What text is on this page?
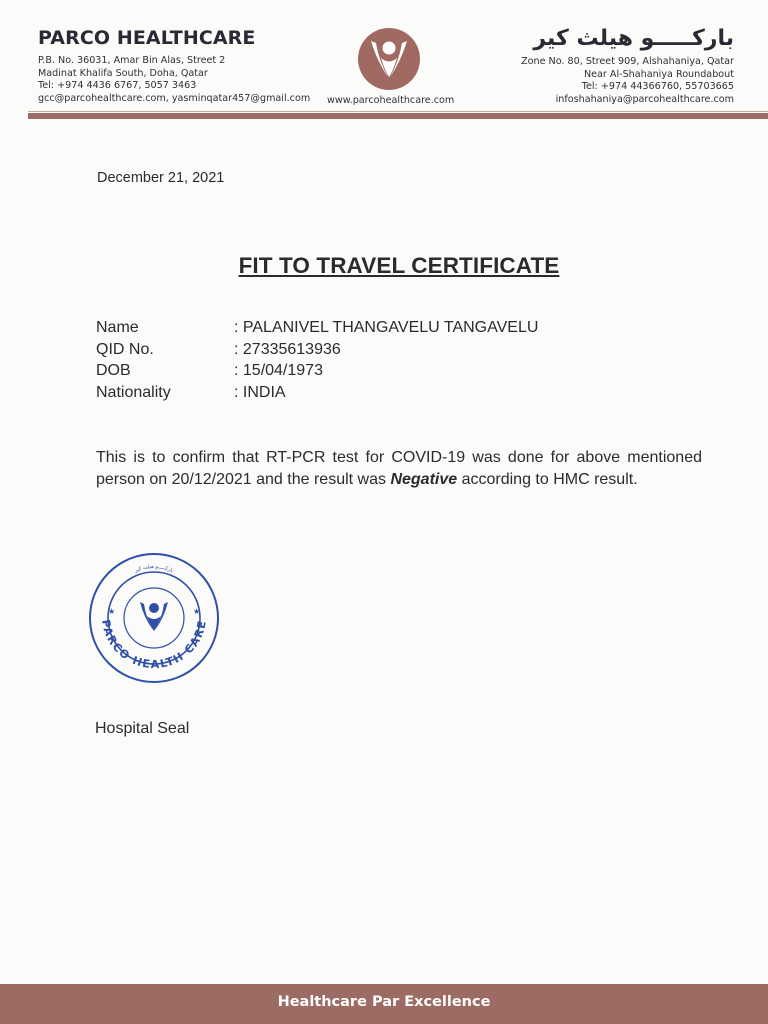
PARCO HEALTHCARE
P.B. No. 36031, Amar Bin Alas, Street 2
Madinat Khalifa South, Doha, Qatar
Tel: +974 4436 6767, 5057 3463
gcc@parcohealthcare.com, yasminqatar457@gmail.com www.parcohealthcare.com
باركـــــو هيلث كير
Zone No. 80, Street 909, Alshahaniya, Qatar
Near Al-Shahaniya Roundabout
Tel: +974 44366760, 55703665
infoshahaniya@parcohealthcare.com
December 21, 2021
FIT TO TRAVEL CERTIFICATE
Name	: PALANIVEL THANGAVELU TANGAVELU
QID No.	: 27335613936
DOB	: 15/04/1973
Nationality	: INDIA
This is to confirm that RT-PCR test for COVID-19 was done for above mentioned person on 20/12/2021 and the result was Negative according to HMC result.
PARCO HEALTH CARE
باركـــــو هيلث كير
★	★
Hospital Seal
Healthcare Par Excellence
